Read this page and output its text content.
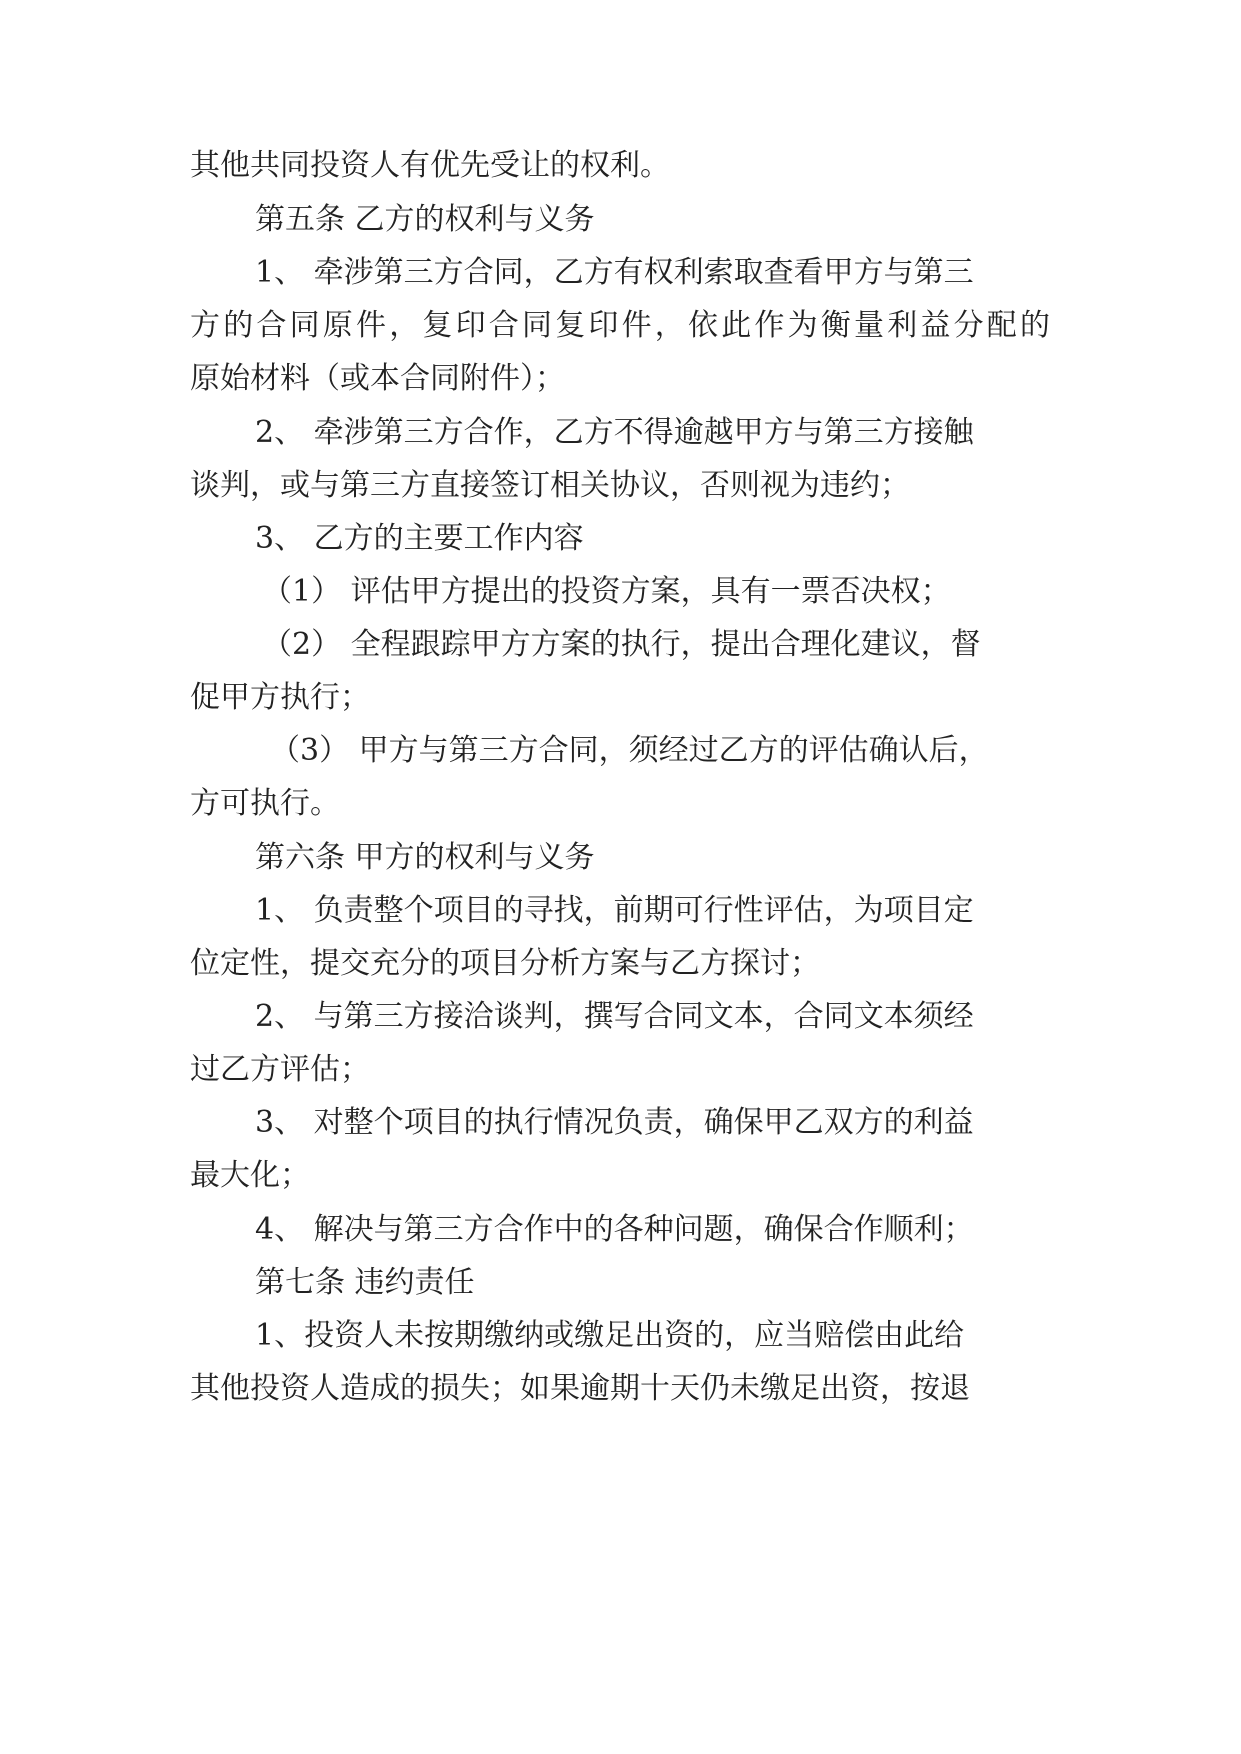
其他共同投资人有优先受让的权利。
第五条 乙方的权利与义务
1、 牵涉第三方合同，乙方有权利索取查看甲方与第三
方的合同原件，复印合同复印件，依此作为衡量利益分配的
原始材料（或本合同附件）；
2、 牵涉第三方合作，乙方不得逾越甲方与第三方接触
谈判，或与第三方直接签订相关协议，否则视为违约；
3、 乙方的主要工作内容
（1） 评估甲方提出的投资方案，具有一票否决权；
（2） 全程跟踪甲方方案的执行，提出合理化建议，督
促甲方执行；
（3） 甲方与第三方合同，须经过乙方的评估确认后，
方可执行。
第六条 甲方的权利与义务
1、 负责整个项目的寻找，前期可行性评估，为项目定
位定性，提交充分的项目分析方案与乙方探讨；
2、 与第三方接洽谈判，撰写合同文本，合同文本须经
过乙方评估；
3、 对整个项目的执行情况负责，确保甲乙双方的利益
最大化；
4、 解决与第三方合作中的各种问题，确保合作顺利；
第七条 违约责任
1、投资人未按期缴纳或缴足出资的，应当赔偿由此给
其他投资人造成的损失；如果逾期十天仍未缴足出资，按退
